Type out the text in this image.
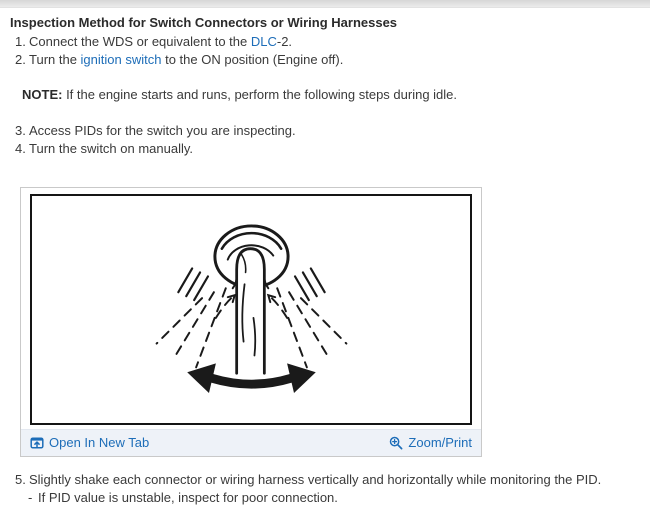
Inspection Method for Switch Connectors or Wiring Harnesses
1. Connect the WDS or equivalent to the DLC-2.
2. Turn the ignition switch to the ON position (Engine off).
NOTE: If the engine starts and runs, perform the following steps during idle.
3. Access PIDs for the switch you are inspecting.
4. Turn the switch on manually.
Open In New Tab	Zoom/Print
5. Slightly shake each connector or wiring harness vertically and horizontally while monitoring the PID.
- If PID value is unstable, inspect for poor connection.
